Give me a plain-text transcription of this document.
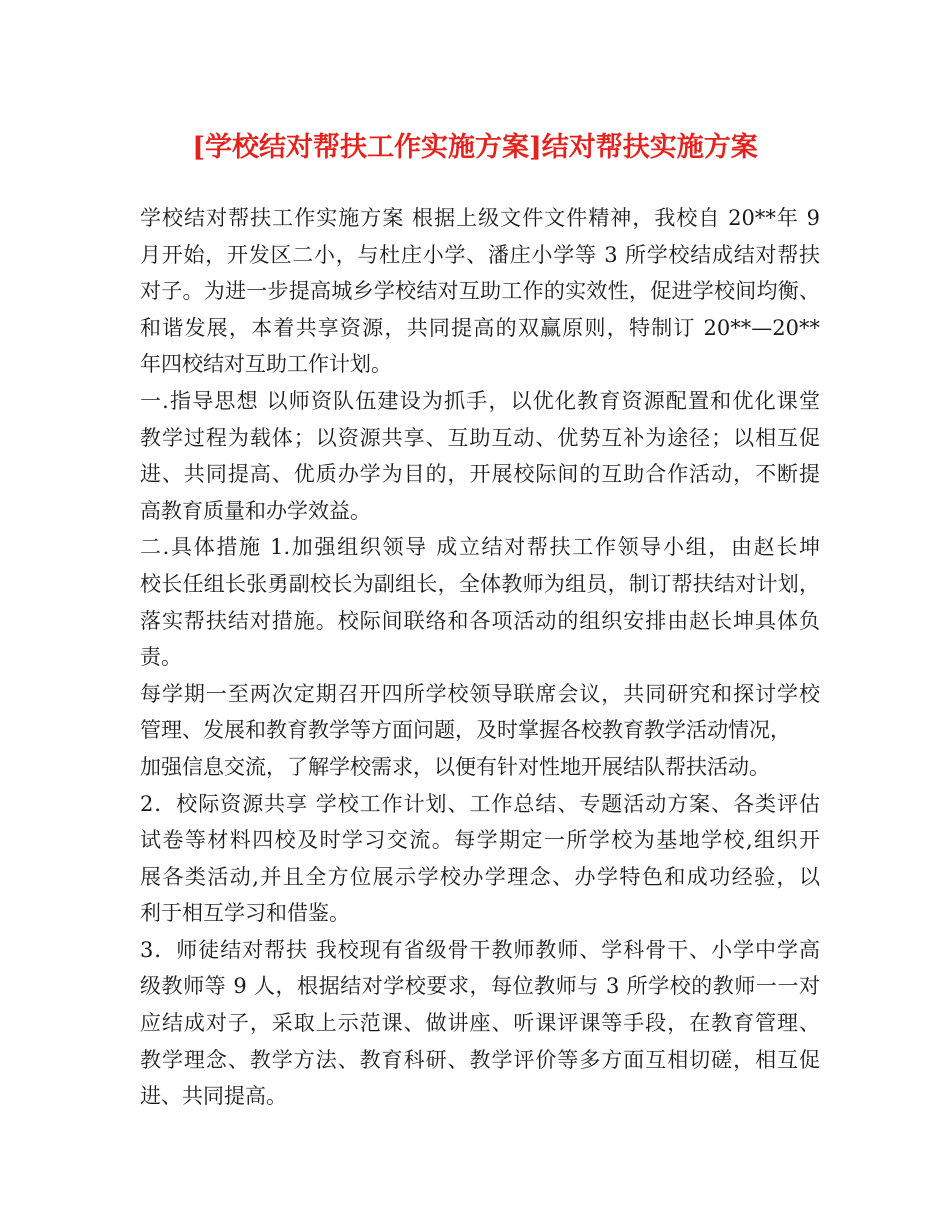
[学校结对帮扶工作实施方案]结对帮扶实施方案
学校结对帮扶工作实施方案 根据上级文件文件精神，我校自 20**年 9
月开始，开发区二小，与杜庄小学、潘庄小学等 3 所学校结成结对帮扶
对子。为进一步提高城乡学校结对互助工作的实效性，促进学校间均衡、
和谐发展，本着共享资源，共同提高的双赢原则，特制订 20**—20**
年四校结对互助工作计划。
一.指导思想 以师资队伍建设为抓手，以优化教育资源配置和优化课堂
教学过程为载体；以资源共享、互助互动、优势互补为途径；以相互促
进、共同提高、优质办学为目的，开展校际间的互助合作活动，不断提
高教育质量和办学效益。
二.具体措施 1.加强组织领导 成立结对帮扶工作领导小组，由赵长坤
校长任组长张勇副校长为副组长，全体教师为组员，制订帮扶结对计划，
落实帮扶结对措施。校际间联络和各项活动的组织安排由赵长坤具体负
责。
每学期一至两次定期召开四所学校领导联席会议，共同研究和探讨学校
管理、发展和教育教学等方面问题，及时掌握各校教育教学活动情况，
加强信息交流，了解学校需求，以便有针对性地开展结队帮扶活动。
2．校际资源共享 学校工作计划、工作总结、专题活动方案、各类评估
试卷等材料四校及时学习交流。每学期定一所学校为基地学校,组织开
展各类活动,并且全方位展示学校办学理念、办学特色和成功经验，以
利于相互学习和借鉴。
3．师徒结对帮扶 我校现有省级骨干教师教师、学科骨干、小学中学高
级教师等 9 人，根据结对学校要求，每位教师与 3 所学校的教师一一对
应结成对子，采取上示范课、做讲座、听课评课等手段，在教育管理、
教学理念、教学方法、教育科研、教学评价等多方面互相切磋，相互促
进、共同提高。
